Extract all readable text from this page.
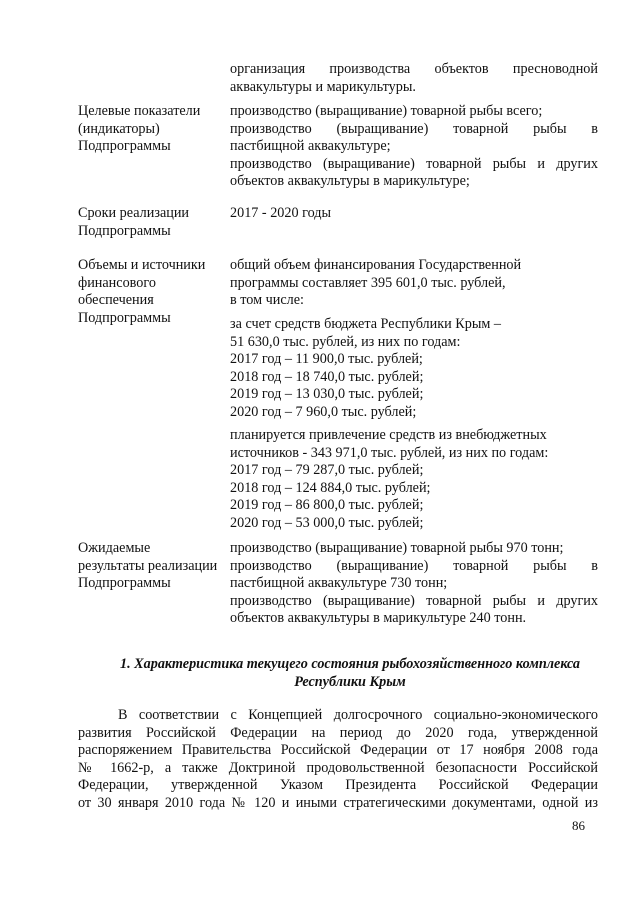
организация производства объектов пресноводной
аквакультуры и марикультуры.
Целевые показатели
(индикаторы)
Подпрограммы
производство (выращивание) товарной рыбы всего;
производство (выращивание) товарной рыбы в
пастбищной аквакультуре;
производство (выращивание) товарной рыбы и других
объектов аквакультуры в марикультуре;
Сроки реализации
Подпрограммы
2017 - 2020 годы
Объемы и источники
финансового
обеспечения
Подпрограммы
общий объем финансирования Государственной
программы составляет 395 601,0 тыс. рублей,
в том числе:
за счет средств бюджета Республики Крым –
51 630,0 тыс. рублей, из них по годам:
2017 год – 11 900,0 тыс. рублей;
2018 год – 18 740,0 тыс. рублей;
2019 год – 13 030,0 тыс. рублей;
2020 год – 7 960,0 тыс. рублей;
планируется привлечение средств из внебюджетных
источников - 343 971,0 тыс. рублей, из них по годам:
2017 год – 79 287,0 тыс. рублей;
2018 год – 124 884,0 тыс. рублей;
2019 год – 86 800,0 тыс. рублей;
2020 год – 53 000,0 тыс. рублей;
Ожидаемые
результаты реализации
Подпрограммы
производство (выращивание) товарной рыбы 970 тонн;
производство (выращивание) товарной рыбы в
пастбищной аквакультуре 730 тонн;
производство (выращивание) товарной рыбы и других
объектов аквакультуры в марикультуре 240 тонн.
1. Характеристика текущего состояния рыбохозяйственного комплекса
Республики Крым
В соответствии с Концепцией долгосрочного социально-экономического
развития Российской Федерации на период до 2020 года, утвержденной
распоряжением Правительства Российской Федерации от 17 ноября 2008 года
№ 1662-р, а также Доктриной продовольственной безопасности Российской
Федерации, утвержденной Указом Президента Российской Федерации
от 30 января 2010 года № 120 и иными стратегическими документами, одной из
86
